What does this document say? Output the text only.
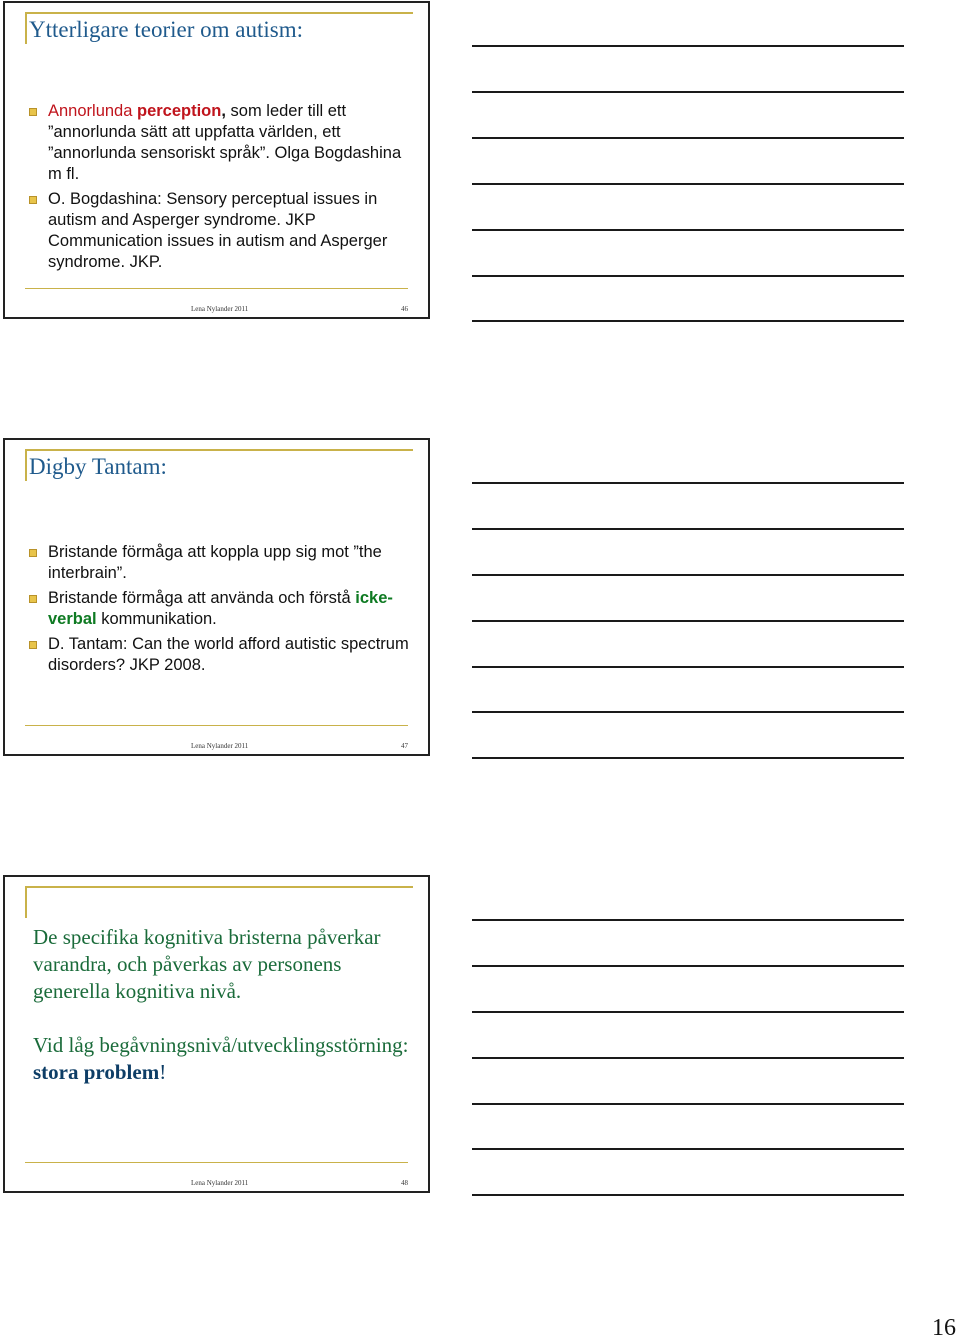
Ytterligare teorier om autism:
Annorlunda perception, som leder till ett ”annorlunda sätt att uppfatta världen, ett ”annorlunda sensoriskt språk”. Olga Bogdashina m fl.
O. Bogdashina: Sensory perceptual issues in autism and Asperger syndrome. JKP
Communication issues in autism and Asperger syndrome. JKP.
Lena Nylander 2011	46
Digby Tantam:
Bristande förmåga att koppla upp sig mot ”the interbrain”.
Bristande förmåga att använda och förstå icke-verbal kommunikation.
D. Tantam: Can the world afford autistic spectrum disorders? JKP 2008.
Lena Nylander 2011	47
Lena Nylander 2011	48

De specifika kognitiva bristerna påverkar varandra, och påverkas av personens generella kognitiva nivå.

Vid låg begåvningsnivå/utvecklingsstörning: stora problem!

16
